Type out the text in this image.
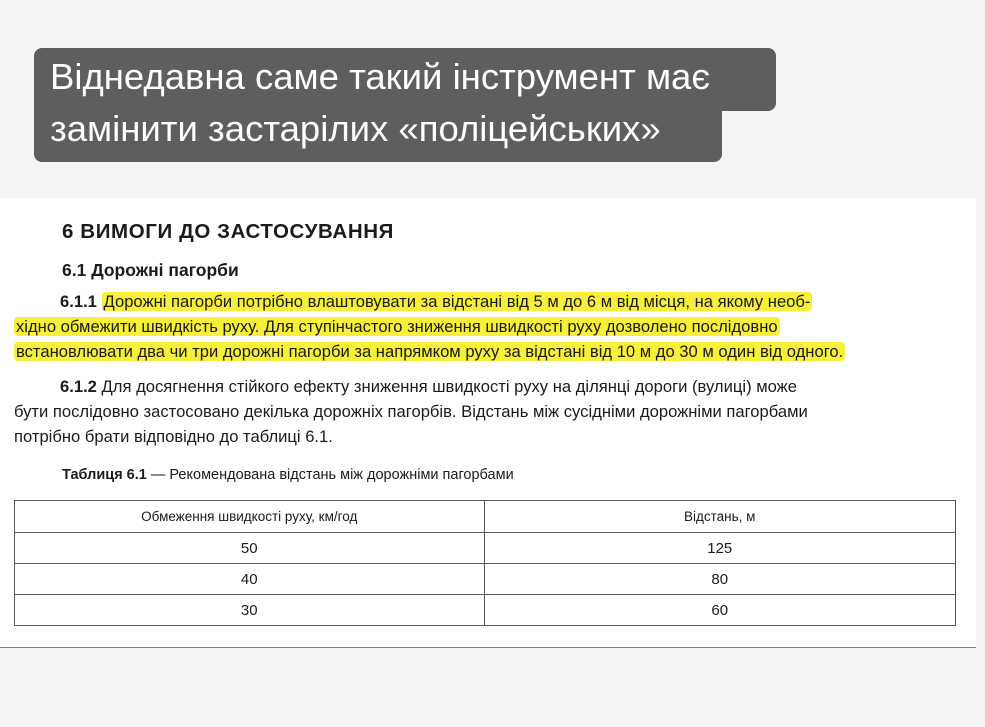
Віднедавна саме такий інструмент має
замінити застарілих «поліцейських»
6 ВИМОГИ ДО ЗАСТОСУВАННЯ
6.1 Дорожні пагорби
6.1.1 Дорожні пагорби потрібно влаштовувати за відстані від 5 м до 6 м від місця, на якому необ-
хідно обмежити швидкість руху. Для ступінчастого зниження швидкості руху дозволено послідовно
встановлювати два чи три дорожні пагорби за напрямком руху за відстані від 10 м до 30 м один від одного.
6.1.2 Для досягнення стійкого ефекту зниження швидкості руху на ділянці дороги (вулиці) може
бути послідовно застосовано декілька дорожніх пагорбів. Відстань між сусідніми дорожніми пагорбами
потрібно брати відповідно до таблиці 6.1.
Таблиця 6.1 — Рекомендована відстань між дорожніми пагорбами
Обмеження швидкості руху, км/год	Відстань, м
50	125
40	80
30	60
